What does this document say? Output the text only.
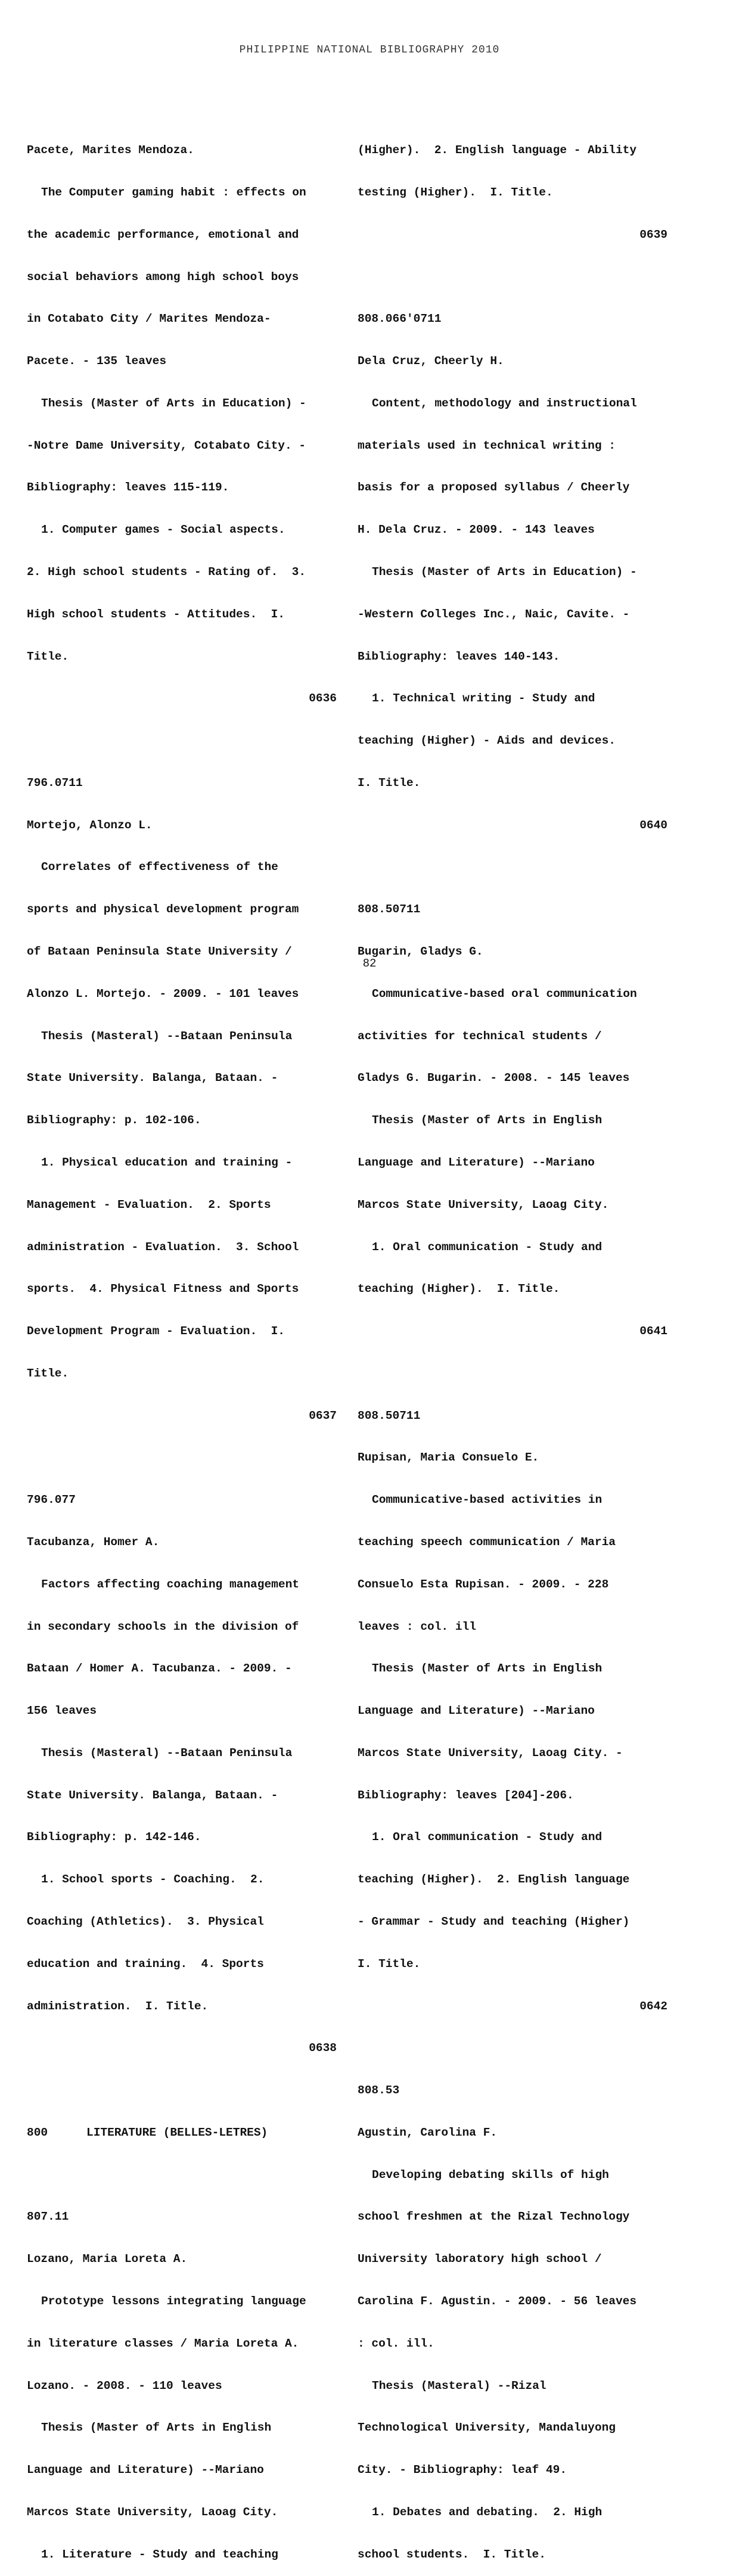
PHILIPPINE NATIONAL BIBLIOGRAPHY 2010

Pacete, Marites Mendoza.

The Computer gaming habit : effects on

the academic performance, emotional and

social behaviors among high school boys

in Cotabato City / Marites Mendoza-

Pacete. - 135 leaves

Thesis (Master of Arts in Education) -

-Notre Dame University, Cotabato City. -

Bibliography: leaves 115-119.

1. Computer games - Social aspects.

2. High school students - Rating of.  3.

High school students - Attitudes.  I.

Title.

0636

796.0711

Mortejo, Alonzo L.

Correlates of effectiveness of the

sports and physical development program

of Bataan Peninsula State University /

Alonzo L. Mortejo. - 2009. - 101 leaves

Thesis (Masteral) --Bataan Peninsula

State University. Balanga, Bataan. -

Bibliography: p. 102-106.

1. Physical education and training -

Management - Evaluation.  2. Sports

administration - Evaluation.  3. School

sports.  4. Physical Fitness and Sports

Development Program - Evaluation.  I.

Title.

0637

796.077

Tacubanza, Homer A.

Factors affecting coaching management

in secondary schools in the division of

Bataan / Homer A. Tacubanza. - 2009. -

156 leaves

Thesis (Masteral) --Bataan Peninsula

State University. Balanga, Bataan. -

Bibliography: p. 142-146.

1. School sports - Coaching.  2.

Coaching (Athletics).  3. Physical

education and training.  4. Sports

administration.  I. Title.

0638

800	LITERATURE (BELLES-LETRES)

807.11

Lozano, Maria Loreta A.

Prototype lessons integrating language

in literature classes / Maria Loreta A.

Lozano. - 2008. - 110 leaves

Thesis (Master of Arts in English

Language and Literature) --Mariano

Marcos State University, Laoag City.

1. Literature - Study and teaching

(Higher).  2. English language - Ability

testing (Higher).  I. Title.

0639

808.066'0711

Dela Cruz, Cheerly H.

Content, methodology and instructional

materials used in technical writing :

basis for a proposed syllabus / Cheerly

H. Dela Cruz. - 2009. - 143 leaves

Thesis (Master of Arts in Education) -

-Western Colleges Inc., Naic, Cavite. -

Bibliography: leaves 140-143.

1. Technical writing - Study and

teaching (Higher) - Aids and devices.

I. Title.

0640

808.50711

Bugarin, Gladys G.

Communicative-based oral communication

activities for technical students /

Gladys G. Bugarin. - 2008. - 145 leaves

Thesis (Master of Arts in English

Language and Literature) --Mariano

Marcos State University, Laoag City.

1. Oral communication - Study and

teaching (Higher).  I. Title.

0641

808.50711

Rupisan, Maria Consuelo E.

Communicative-based activities in

teaching speech communication / Maria

Consuelo Esta Rupisan. - 2009. - 228

leaves : col. ill

Thesis (Master of Arts in English

Language and Literature) --Mariano

Marcos State University, Laoag City. -

Bibliography: leaves [204]-206.

1. Oral communication - Study and

teaching (Higher).  2. English language

- Grammar - Study and teaching (Higher)

I. Title.

0642

808.53

Agustin, Carolina F.

Developing debating skills of high

school freshmen at the Rizal Technology

University laboratory high school /

Carolina F. Agustin. - 2009. - 56 leaves

: col. ill.

Thesis (Masteral) --Rizal

Technological University, Mandaluyong

City. - Bibliography: leaf 49.

1. Debates and debating.  2. High

school students.  I. Title.

82
